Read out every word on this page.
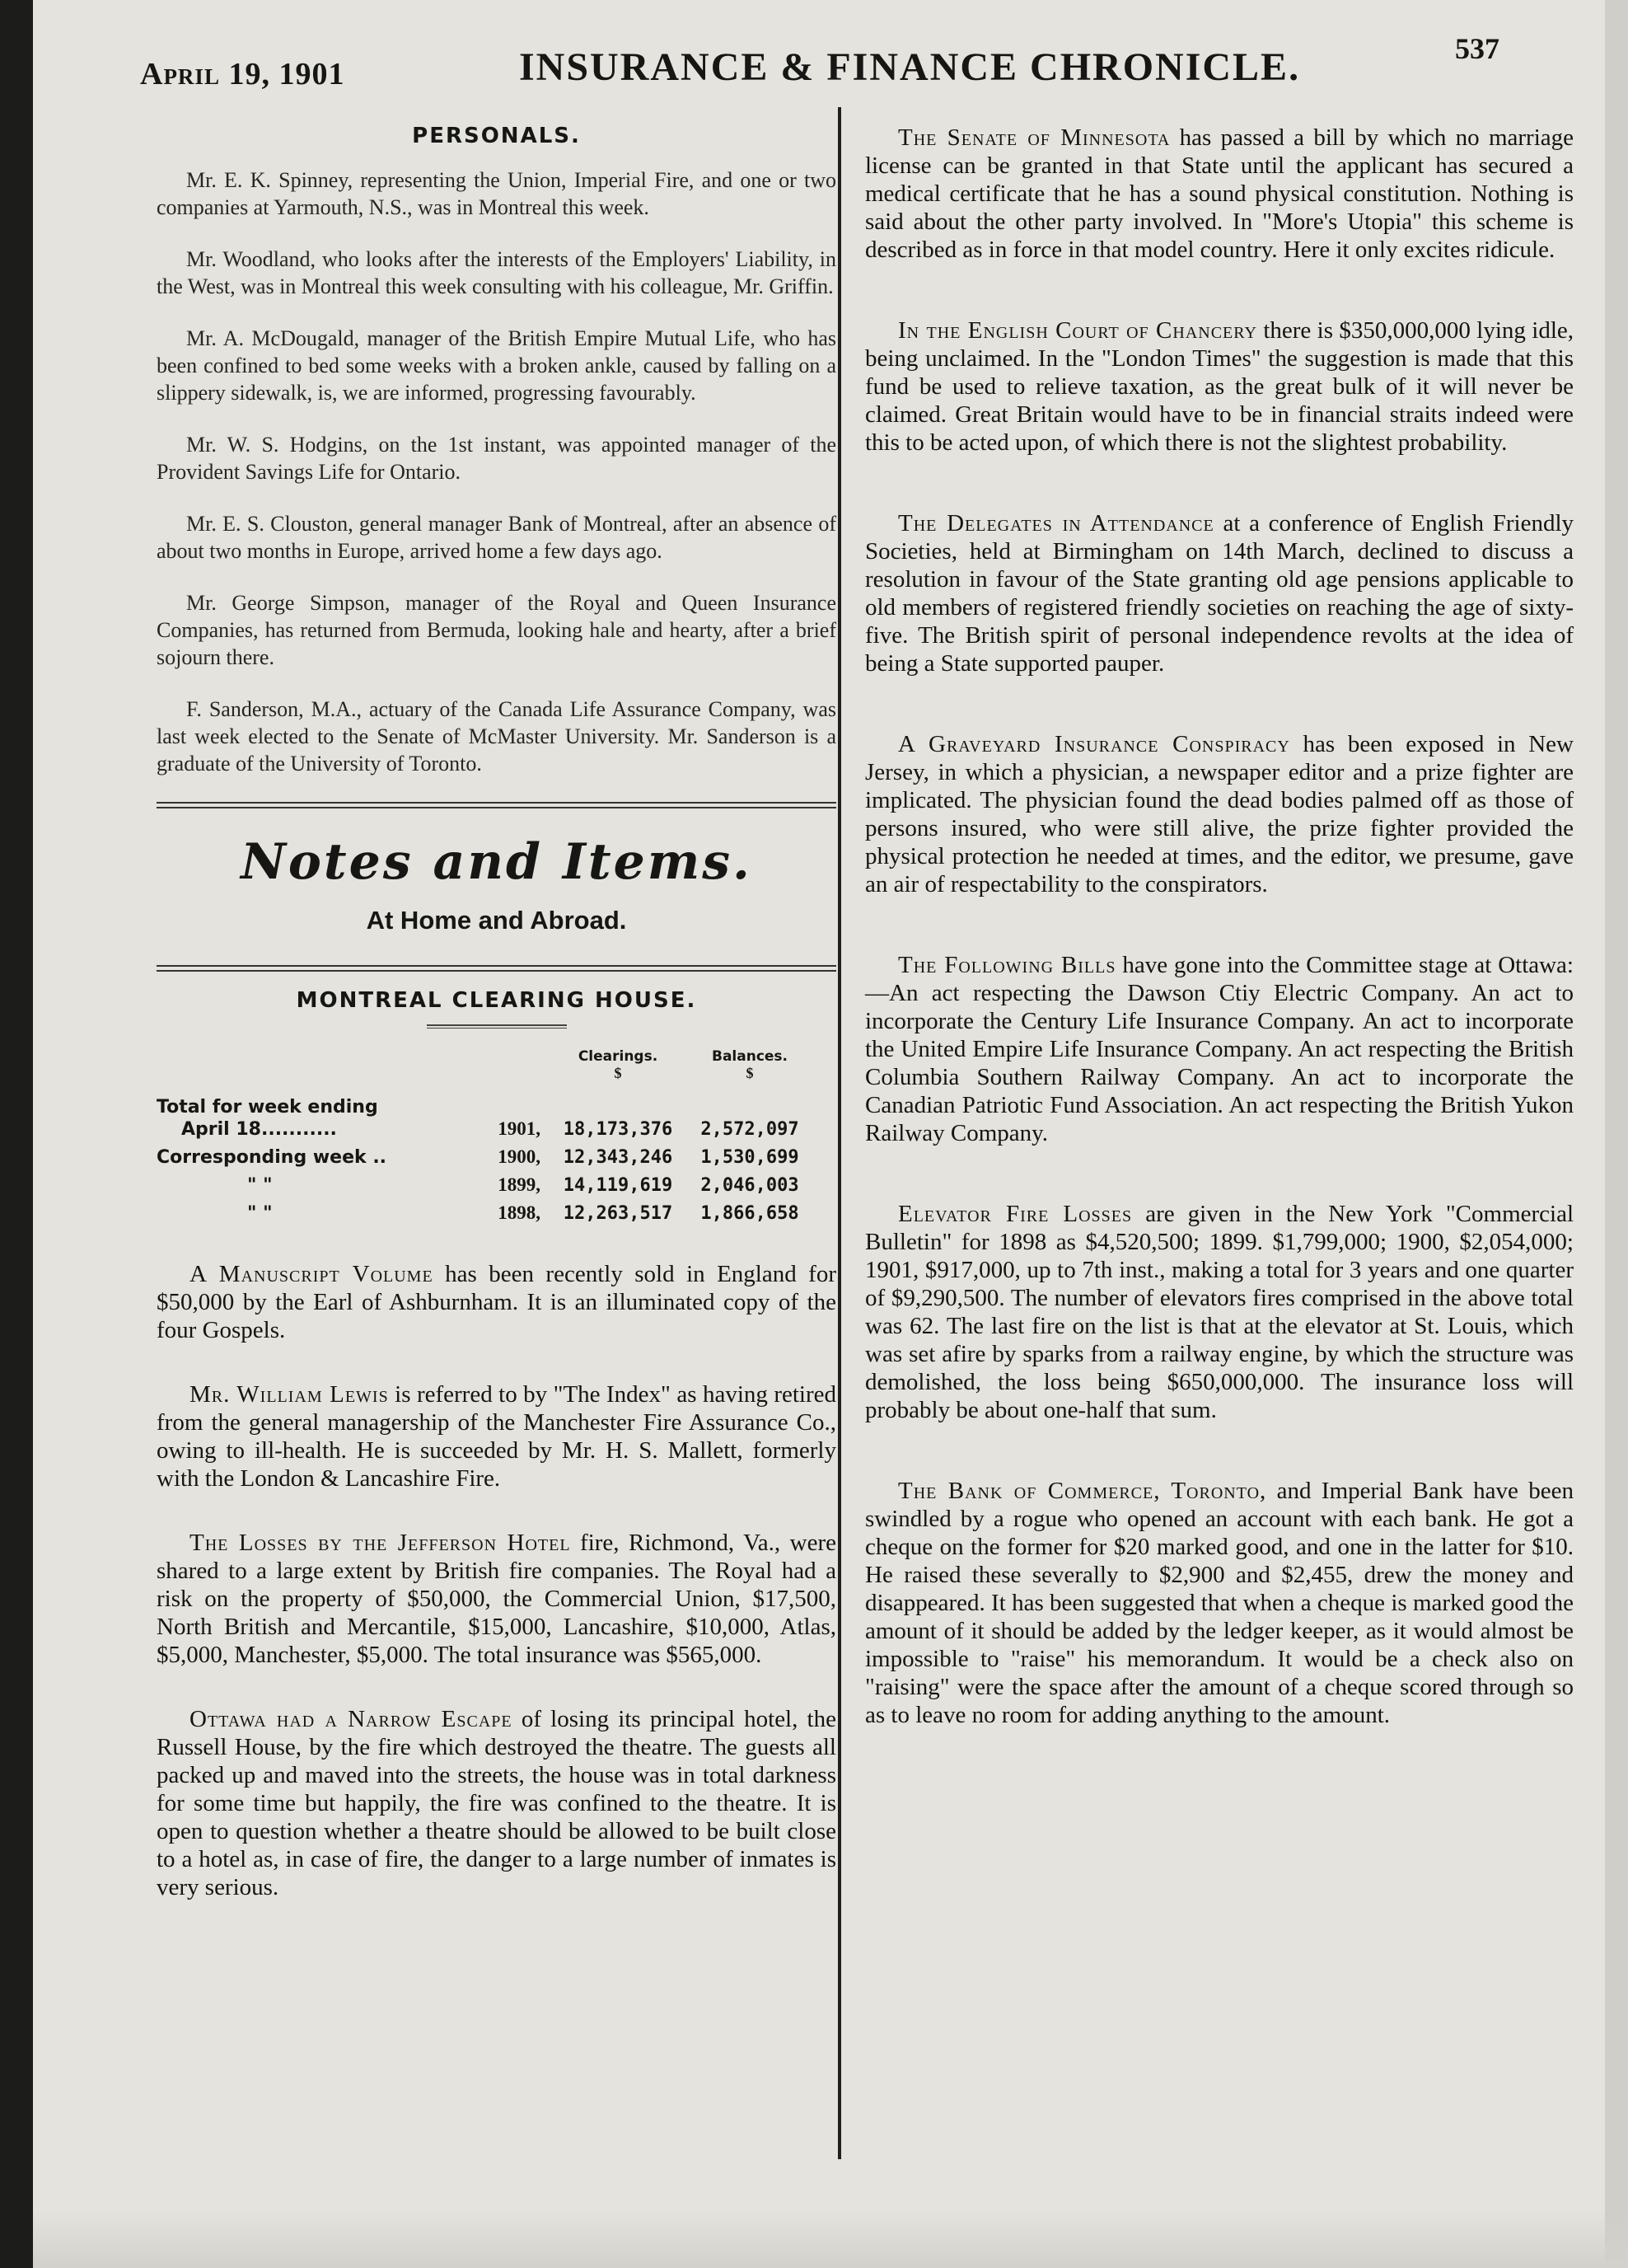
April 19, 1901	INSURANCE & FINANCE CHRONICLE.	537
PERSONALS.

Mr. E. K. Spinney, representing the Union, Imperial Fire, and one or two companies at Yarmouth, N.S., was in Montreal this week.

Mr. Woodland, who looks after the interests of the Employers' Liability, in the West, was in Montreal this week consulting with his colleague, Mr. Griffin.

Mr. A. McDougald, manager of the British Empire Mutual Life, who has been confined to bed some weeks with a broken ankle, caused by falling on a slippery sidewalk, is, we are informed, progressing favourably.

Mr. W. S. Hodgins, on the 1st instant, was appointed manager of the Provident Savings Life for Ontario.

Mr. E. S. Clouston, general manager Bank of Montreal, after an absence of about two months in Europe, arrived home a few days ago.

Mr. George Simpson, manager of the Royal and Queen Insurance Companies, has returned from Bermuda, looking hale and hearty, after a brief sojourn there.

F. Sanderson, M.A., actuary of the Canada Life Assurance Company, was last week elected to the Senate of McMaster University. Mr. Sanderson is a graduate of the University of Toronto.

Notes and Items.
At Home and Abroad.
MONTREAL CLEARING HOUSE.
Clearings.	Balances.
$	$
Total for week ending
April 18...........	1901,	18,173,376	2,572,097
Corresponding week ..	1900,	12,343,246	1,530,699
" "	1899,	14,119,619	2,046,003
" "	1898,	12,263,517	1,866,658

A Manuscript Volume has been recently sold in England for $50,000 by the Earl of Ashburnham. It is an illuminated copy of the four Gospels.

Mr. William Lewis is referred to by "The Index" as having retired from the general managership of the Manchester Fire Assurance Co., owing to ill-health. He is succeeded by Mr. H. S. Mallett, formerly with the London & Lancashire Fire.

The Losses by the Jefferson Hotel fire, Richmond, Va., were shared to a large extent by British fire companies. The Royal had a risk on the property of $50,000, the Commercial Union, $17,500, North British and Mercantile, $15,000, Lancashire, $10,000, Atlas, $5,000, Manchester, $5,000. The total insurance was $565,000.

Ottawa had a Narrow Escape of losing its principal hotel, the Russell House, by the fire which destroyed the theatre. The guests all packed up and maved into the streets, the house was in total darkness for some time but happily, the fire was confined to the theatre. It is open to question whether a theatre should be allowed to be built close to a hotel as, in case of fire, the danger to a large number of inmates is very serious.

The Senate of Minnesota has passed a bill by which no marriage license can be granted in that State until the applicant has secured a medical certificate that he has a sound physical constitution. Nothing is said about the other party involved. In "More's Utopia" this scheme is described as in force in that model country. Here it only excites ridicule.

In the English Court of Chancery there is $350,000,000 lying idle, being unclaimed. In the "London Times" the suggestion is made that this fund be used to relieve taxation, as the great bulk of it will never be claimed. Great Britain would have to be in financial straits indeed were this to be acted upon, of which there is not the slightest probability.

The Delegates in Attendance at a conference of English Friendly Societies, held at Birmingham on 14th March, declined to discuss a resolution in favour of the State granting old age pensions applicable to old members of registered friendly societies on reaching the age of sixty-five. The British spirit of personal independence revolts at the idea of being a State supported pauper.

A Graveyard Insurance Conspiracy has been exposed in New Jersey, in which a physician, a newspaper editor and a prize fighter are implicated. The physician found the dead bodies palmed off as those of persons insured, who were still alive, the prize fighter provided the physical protection he needed at times, and the editor, we presume, gave an air of respectability to the conspirators.

The Following Bills have gone into the Committee stage at Ottawa:—An act respecting the Dawson Ctiy Electric Company. An act to incorporate the Century Life Insurance Company. An act to incorporate the United Empire Life Insurance Company. An act respecting the British Columbia Southern Railway Company. An act to incorporate the Canadian Patriotic Fund Association. An act respecting the British Yukon Railway Company.

Elevator Fire Losses are given in the New York "Commercial Bulletin" for 1898 as $4,520,500; 1899. $1,799,000; 1900, $2,054,000; 1901, $917,000, up to 7th inst., making a total for 3 years and one quarter of $9,290,500. The number of elevators fires comprised in the above total was 62. The last fire on the list is that at the elevator at St. Louis, which was set afire by sparks from a railway engine, by which the structure was demolished, the loss being $650,000,000. The insurance loss will probably be about one-half that sum.

The Bank of Commerce, Toronto, and Imperial Bank have been swindled by a rogue who opened an account with each bank. He got a cheque on the former for $20 marked good, and one in the latter for $10. He raised these severally to $2,900 and $2,455, drew the money and disappeared. It has been suggested that when a cheque is marked good the amount of it should be added by the ledger keeper, as it would almost be impossible to "raise" his memorandum. It would be a check also on "raising" were the space after the amount of a cheque scored through so as to leave no room for adding anything to the amount.
